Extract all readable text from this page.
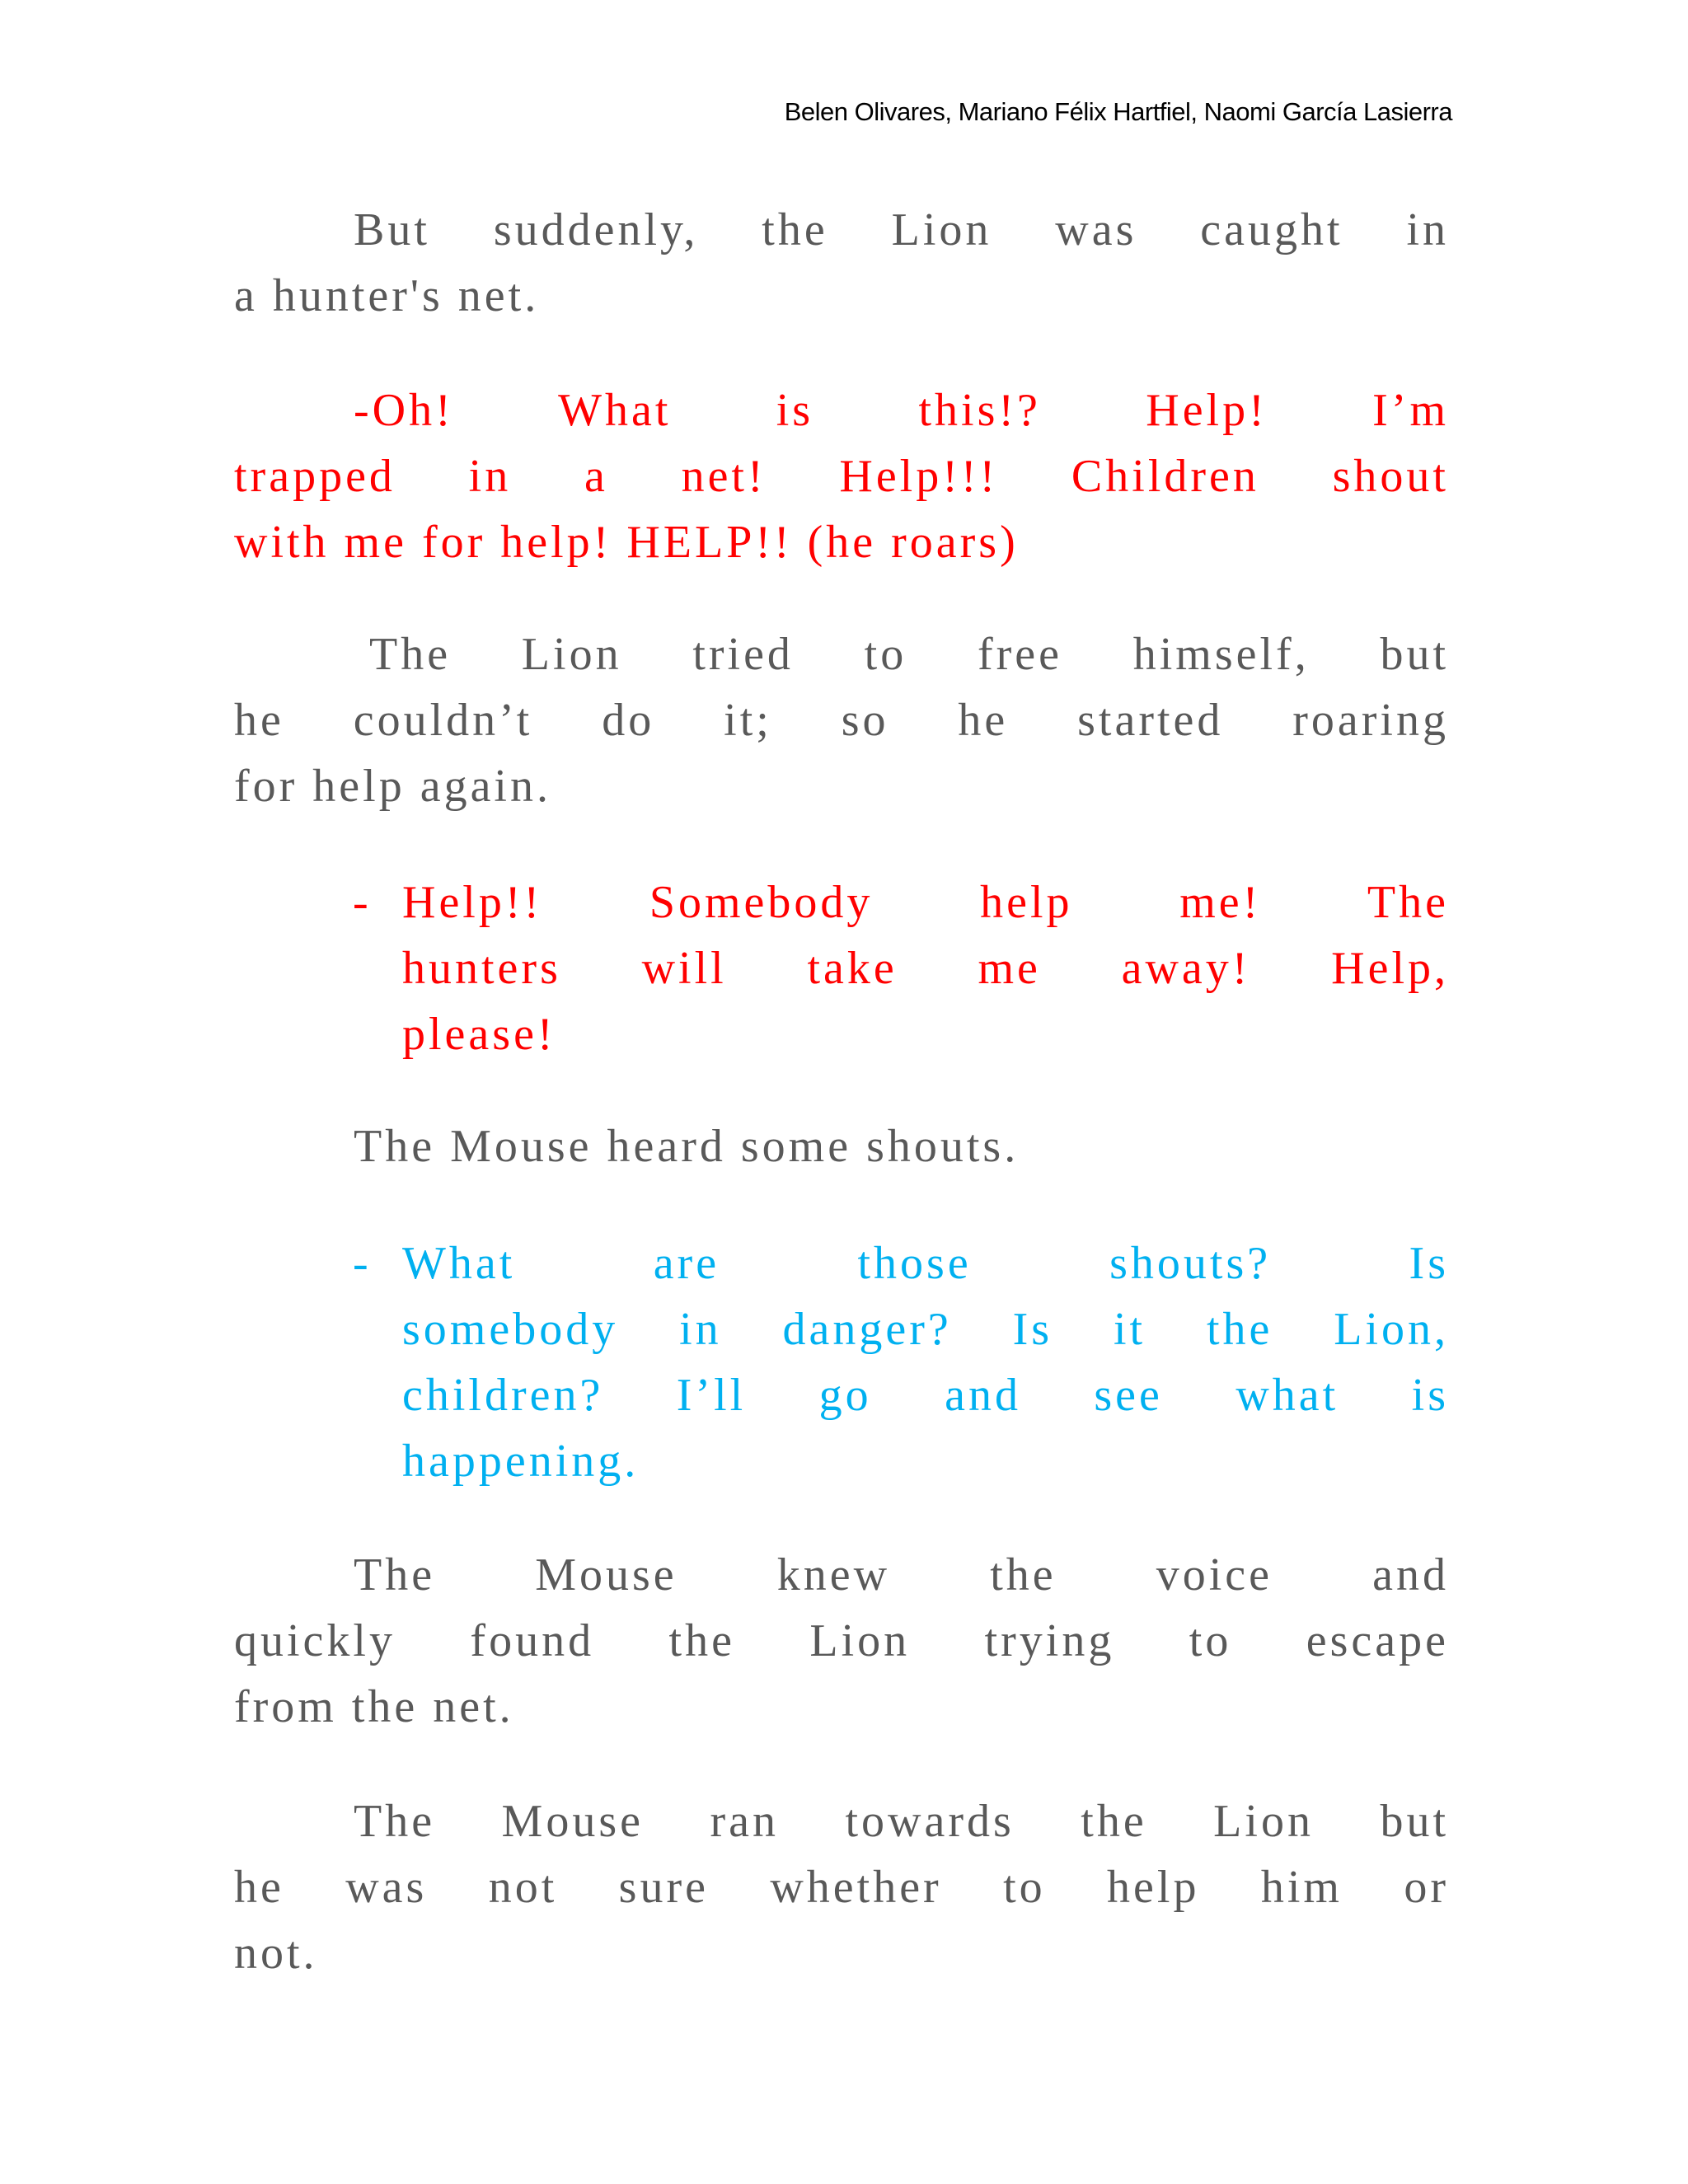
Belen Olivares, Mariano Félix Hartfiel, Naomi García Lasierra
But suddenly, the Lion was caught in
a hunter's net.
-Oh! What is this!? Help! I’m
trapped in a net! Help!!! Children shout
with me for help! HELP!! (he roars)
The Lion tried to free himself, but
he couldn’t do it; so he started roaring
for help again.
- Help!! Somebody help me! The
hunters will take me away! Help,
please!
The Mouse heard some shouts.
- What are those shouts? Is
somebody in danger? Is it the Lion,
children? I’ll go and see what is
happening.
The Mouse knew the voice and
quickly found the Lion trying to escape
from the net.
The Mouse ran towards the Lion but
he was not sure whether to help him or
not.
